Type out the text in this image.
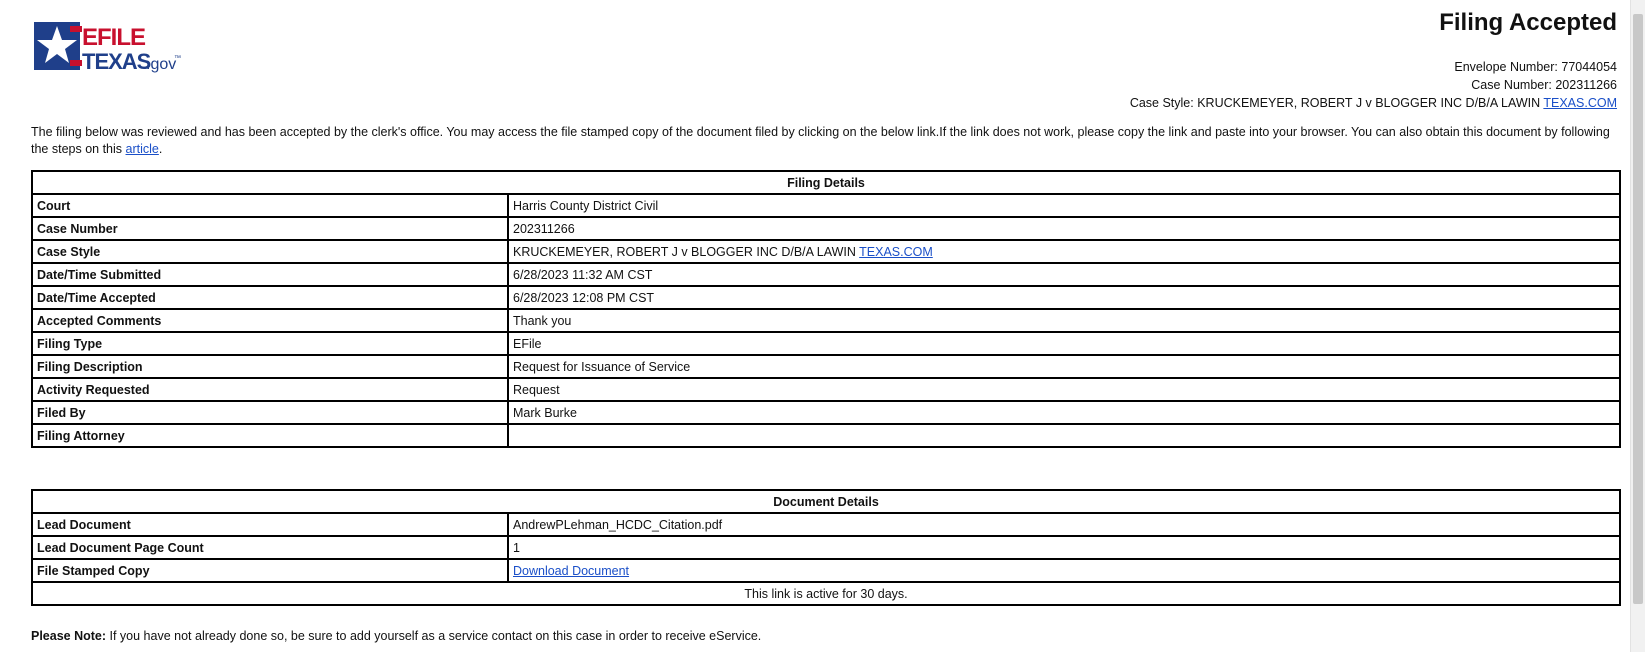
EFILE
TEXAS
.gov
™
Filing Accepted
Envelope Number: 77044054
Case Number: 202311266
Case Style: KRUCKEMEYER, ROBERT J v BLOGGER INC D/B/A LAWIN TEXAS.COM
The filing below was reviewed and has been accepted by the clerk's office. You may access the file stamped copy of the document filed by clicking on the below link.If the link does not work, please copy the link and paste into your browser. You can also obtain this document by following the steps on this article.
Filing Details	
Court	Harris County District Civil
Case Number	202311266
Case Style	KRUCKEMEYER, ROBERT J v BLOGGER INC D/B/A LAWIN TEXAS.COM
Date/Time Submitted	6/28/2023 11:32 AM CST
Date/Time Accepted	6/28/2023 12:08 PM CST
Accepted Comments	Thank you
Filing Type	EFile
Filing Description	Request for Issuance of Service
Activity Requested	Request
Filed By	Mark Burke
Filing Attorney	
Document Details	
Lead Document	AndrewPLehman_HCDC_Citation.pdf
Lead Document Page Count	1
File Stamped Copy	Download Document
This link is active for 30 days.	
Please Note: If you have not already done so, be sure to add yourself as a service contact on this case in order to receive eService.
